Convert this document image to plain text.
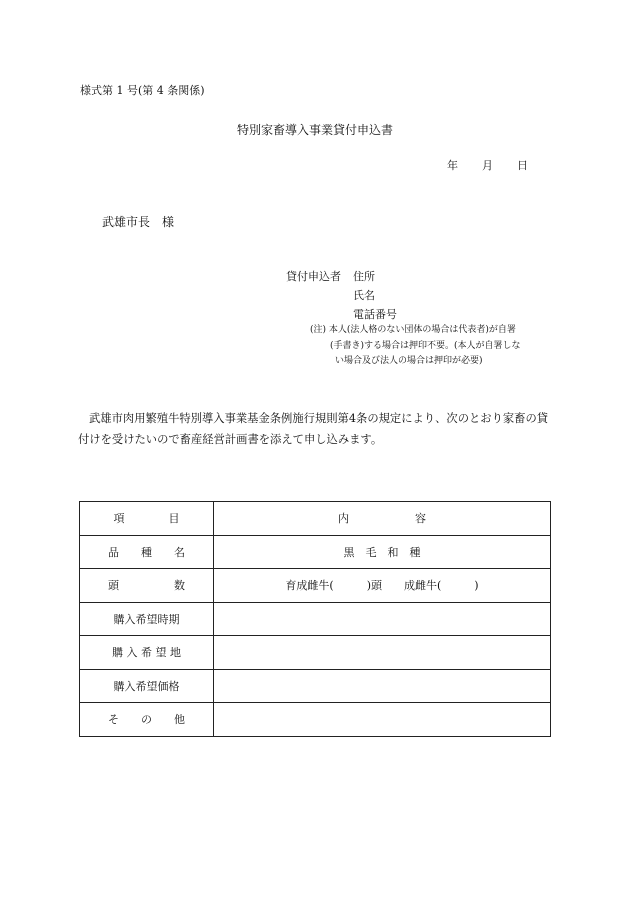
様式第 1 号(第 4 条関係)
特別家畜導入事業貸付申込書
年 月 日
武雄市長　様
貸付申込者 住所
氏名
電話番号
(注) 本人(法人格のない団体の場合は代表者)が自署
(手書き)する場合は押印不要。(本人が自署しな
い場合及び法人の場合は押印が必要)
武雄市肉用繁殖牛特別導入事業基金条例施行規則第4条の規定により、次のとおり家畜の貸付けを受けたいので畜産経営計画書を添えて申し込みます。
項　　　　目	内　　　　　　容
品　　種　　名	黒　毛　和　種
頭　　　　　数	育成雌牛(　　　)頭　　成雌牛(　　　)
購入希望時期	
購 入 希 望 地	
購入希望価格	
そ　　の　　他	
